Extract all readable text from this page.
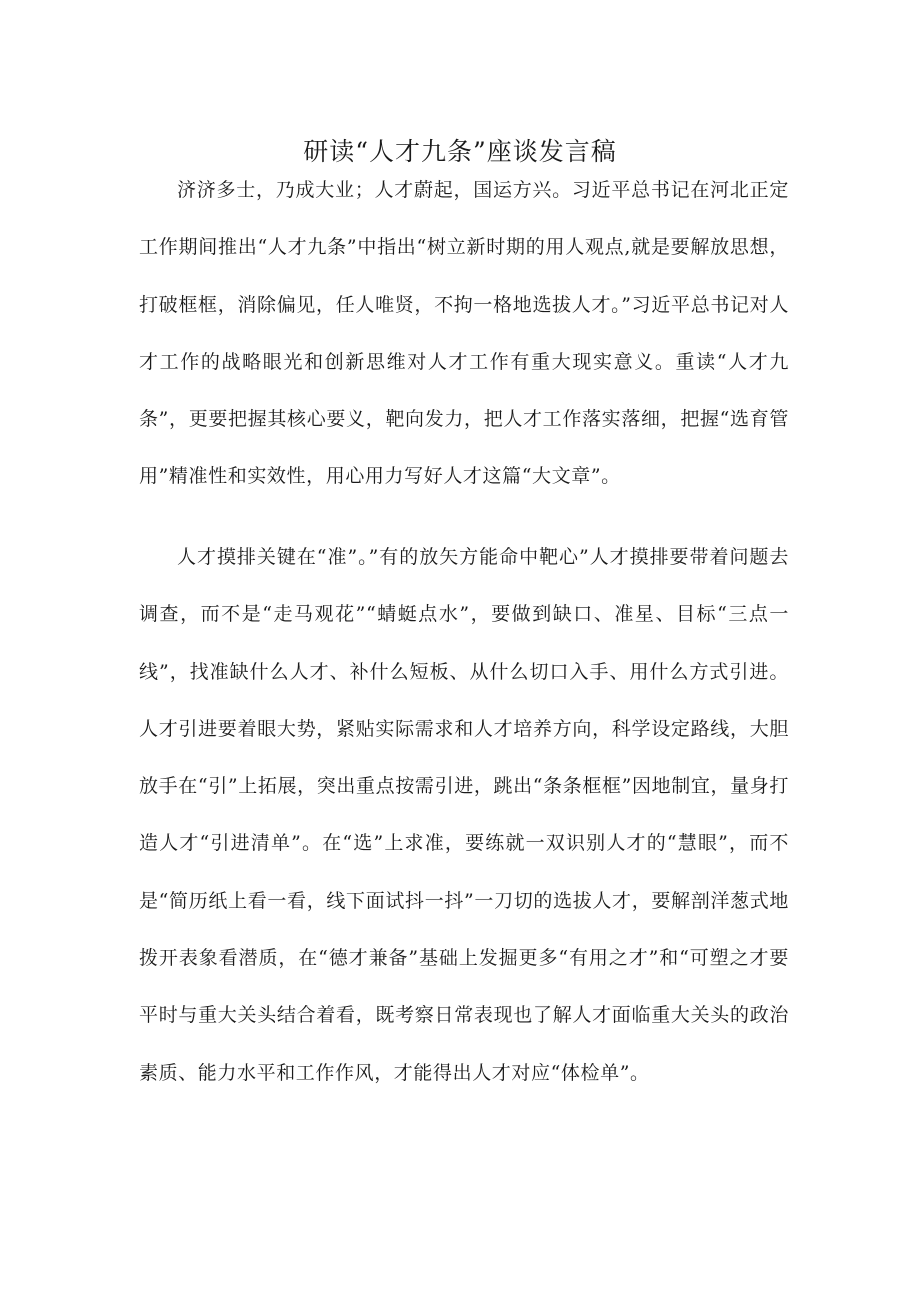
研读“人才九条”座谈发言稿

济济多士，乃成大业；人才蔚起，国运方兴。习近平总书记在河北正定工作期间推出“人才九条”中指出“树立新时期的用人观点,就是要解放思想，打破框框，消除偏见，任人唯贤，不拘一格地选拔人才。”习近平总书记对人才工作的战略眼光和创新思维对人才工作有重大现实意义。重读“人才九条”，更要把握其核心要义，靶向发力，把人才工作落实落细，把握“选育管用”精准性和实效性，用心用力写好人才这篇“大文章”。

人才摸排关键在“准”。”有的放矢方能命中靶心”人才摸排要带着问题去调查，而不是“走马观花”“蜻蜓点水”，要做到缺口、准星、目标“三点一线”，找准缺什么人才、补什么短板、从什么切口入手、用什么方式引进。人才引进要着眼大势，紧贴实际需求和人才培养方向，科学设定路线，大胆放手在“引”上拓展，突出重点按需引进，跳出“条条框框”因地制宜，量身打造人才“引进清单”。在“选”上求准，要练就一双识别人才的“慧眼”，而不是“简历纸上看一看，线下面试抖一抖”一刀切的选拔人才，要解剖洋葱式地拨开表象看潜质，在“德才兼备”基础上发掘更多“有用之才”和“可塑之才要平时与重大关头结合着看，既考察日常表现也了解人才面临重大关头的政治素质、能力水平和工作作风，才能得出人才对应“体检单”。
